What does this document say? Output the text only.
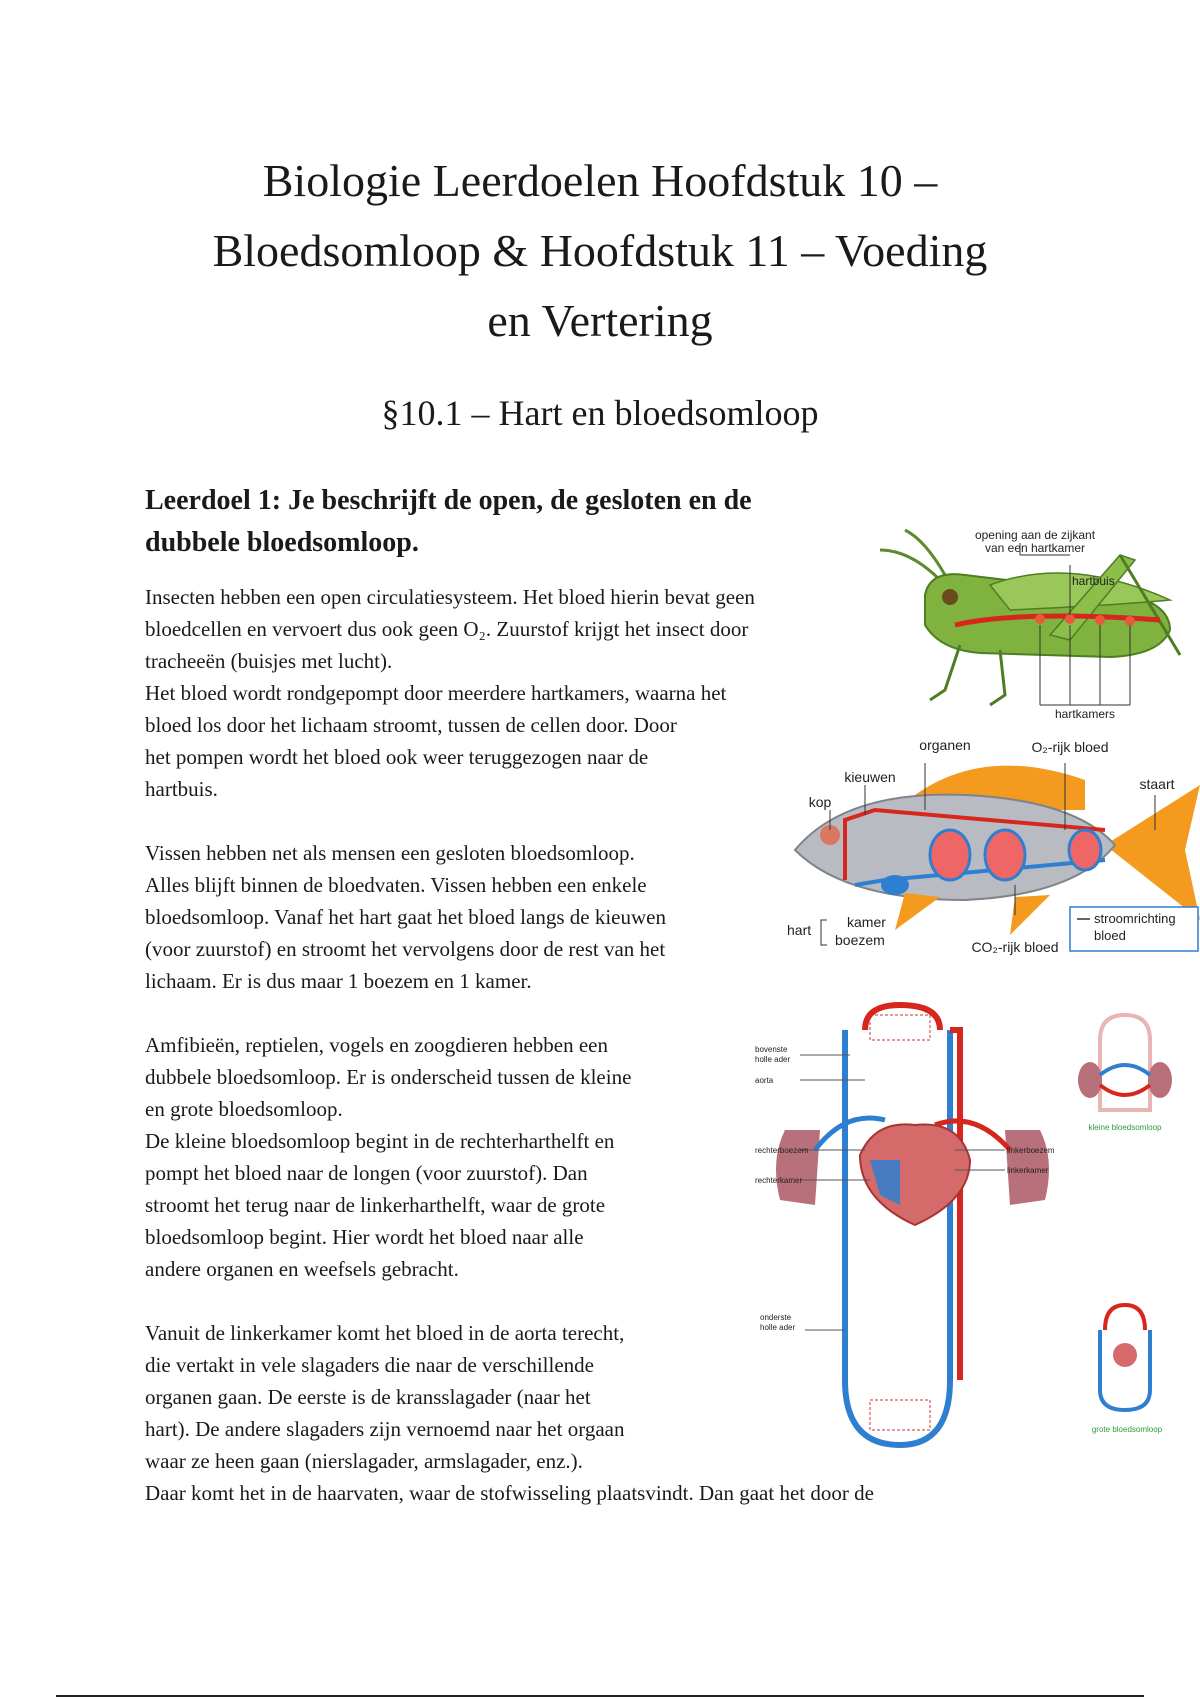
Biologie Leerdoelen Hoofdstuk 10 –
Bloedsomloop & Hoofdstuk 11 – Voeding
en Vertering
§10.1 – Hart en bloedsomloop
Leerdoel 1: Je beschrijft de open, de gesloten en de
dubbele bloedsomloop.

Insecten hebben een open circulatiesysteem. Het bloed hierin bevat geen
bloedcellen en vervoert dus ook geen O₂. Zuurstof krijgt het insect door
tracheeën (buisjes met lucht).
Het bloed wordt rondgepompt door meerdere hartkamers, waarna het
bloed los door het lichaam stroomt, tussen de cellen door. Door
het pompen wordt het bloed ook weer teruggezogen naar de
hartbuis.

Vissen hebben net als mensen een gesloten bloedsomloop.
Alles blijft binnen de bloedvaten. Vissen hebben een enkele
bloedsomloop. Vanaf het hart gaat het bloed langs de kieuwen
(voor zuurstof) en stroomt het vervolgens door de rest van het
lichaam. Er is dus maar 1 boezem en 1 kamer.

Amfibieën, reptielen, vogels en zoogdieren hebben een
dubbele bloedsomloop. Er is onderscheid tussen de kleine
en grote bloedsomloop.
De kleine bloedsomloop begint in de rechterharthelft en
pompt het bloed naar de longen (voor zuurstof). Dan
stroomt het terug naar de linkerharthelft, waar de grote
bloedsomloop begint. Hier wordt het bloed naar alle
andere organen en weefsels gebracht.

Vanuit de linkerkamer komt het bloed in de aorta terecht,
die vertakt in vele slagaders die naar de verschillende
organen gaan. De eerste is de kransslagader (naar het
hart). De andere slagaders zijn vernoemd naar het orgaan
waar ze heen gaan (nierslagader, armslagader, enz.).
Daar komt het in de haarvaten, waar de stofwisseling plaatsvindt. Dan gaat het door de

opening aan de zijkant
van een hartkamer
hartbuis
hartkamers
organen	O₂-rijk bloed
kieuwen	staart
kop
hart	kamer
boezem	CO₂-rijk bloed
stroomrichting
bloed
bovenste
holle ader
aorta
rechterboezem
rechterkamer
linkerboezem
linkerkamer
onderste
holle ader
kleine bloedsomloop
grote bloedsomloop
